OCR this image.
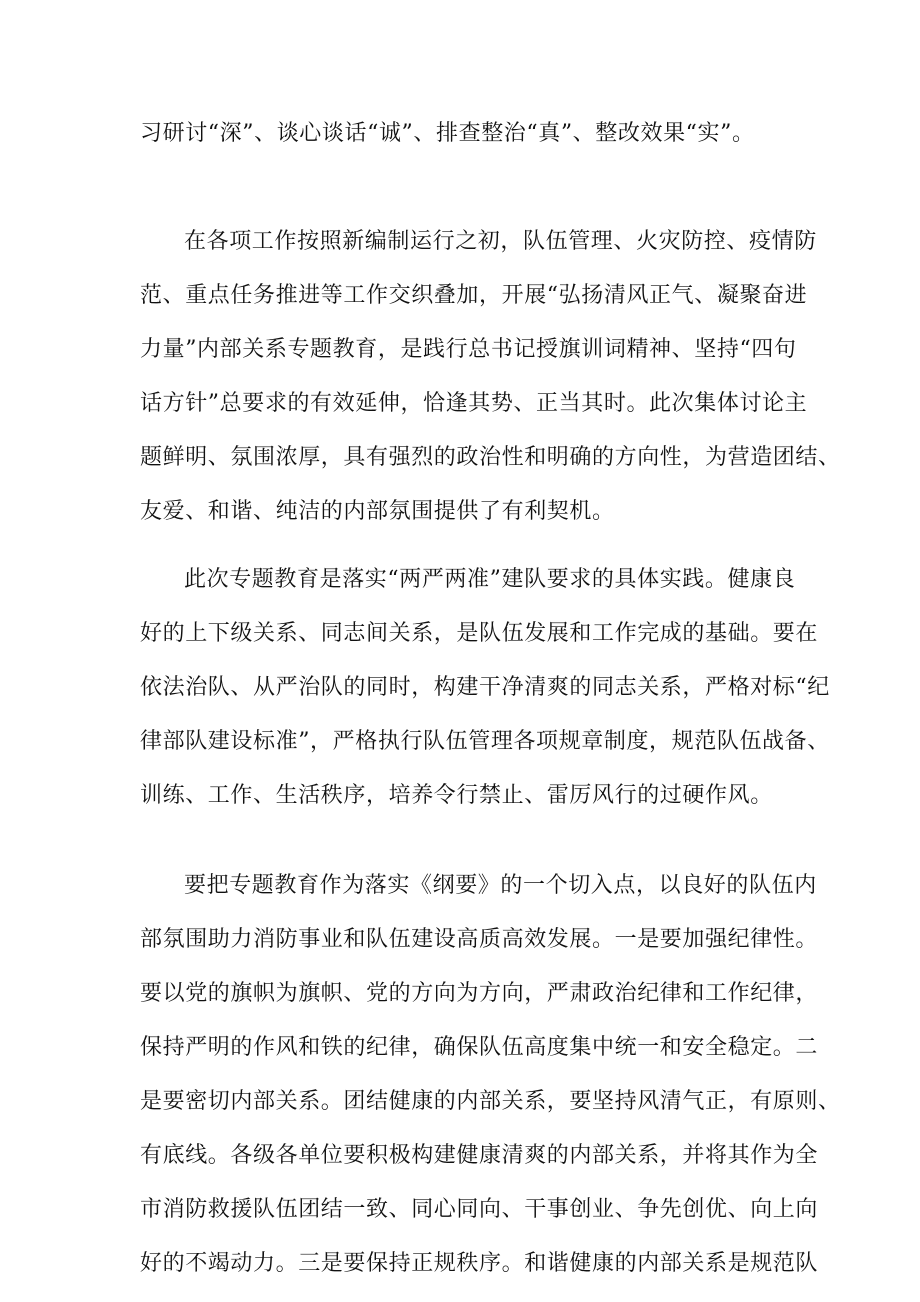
习研讨“深”、谈心谈话“诚”、排查整治“真”、整改效果“实”。
在各项工作按照新编制运行之初，队伍管理、火灾防控、疫情防
范、重点任务推进等工作交织叠加，开展“弘扬清风正气、凝聚奋进
力量”内部关系专题教育，是践行总书记授旗训词精神、坚持“四句
话方针”总要求的有效延伸，恰逢其势、正当其时。此次集体讨论主
题鲜明、氛围浓厚，具有强烈的政治性和明确的方向性，为营造团结、
友爱、和谐、纯洁的内部氛围提供了有利契机。
此次专题教育是落实“两严两准”建队要求的具体实践。健康良
好的上下级关系、同志间关系，是队伍发展和工作完成的基础。要在
依法治队、从严治队的同时，构建干净清爽的同志关系，严格对标“纪
律部队建设标准”，严格执行队伍管理各项规章制度，规范队伍战备、
训练、工作、生活秩序，培养令行禁止、雷厉风行的过硬作风。
要把专题教育作为落实《纲要》的一个切入点，以良好的队伍内
部氛围助力消防事业和队伍建设高质高效发展。一是要加强纪律性。
要以党的旗帜为旗帜、党的方向为方向，严肃政治纪律和工作纪律，
保持严明的作风和铁的纪律，确保队伍高度集中统一和安全稳定。二
是要密切内部关系。团结健康的内部关系，要坚持风清气正，有原则、
有底线。各级各单位要积极构建健康清爽的内部关系，并将其作为全
市消防救援队伍团结一致、同心同向、干事创业、争先创优、向上向
好的不竭动力。三是要保持正规秩序。和谐健康的内部关系是规范队
